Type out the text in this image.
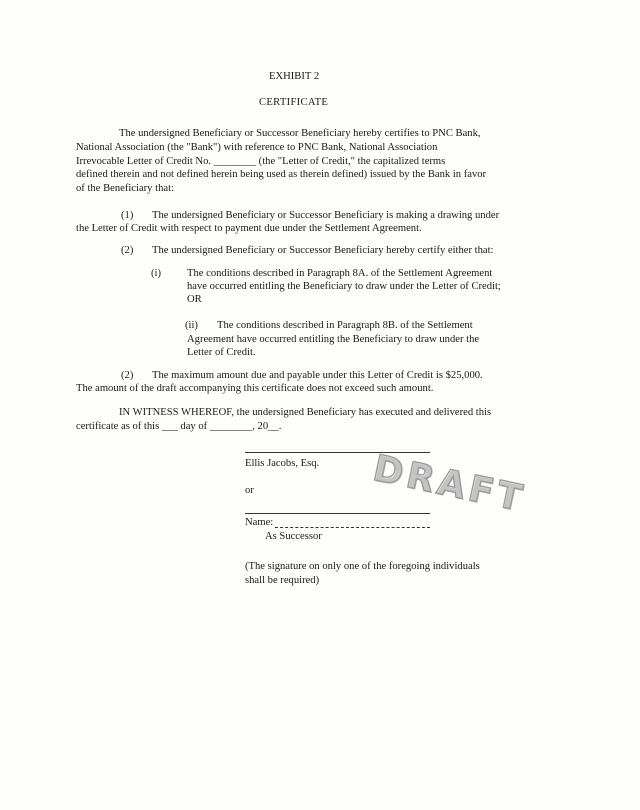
EXHIBIT 2
CERTIFICATE
The undersigned Beneficiary or Successor Beneficiary hereby certifies to PNC Bank,
National Association (the "Bank") with reference to PNC Bank, National Association
Irrevocable Letter of Credit No. ________ (the "Letter of Credit," the capitalized terms
defined therein and not defined herein being used as therein defined) issued by the Bank in favor
of the Beneficiary that:
(1) The undersigned Beneficiary or Successor Beneficiary is making a drawing under
the Letter of Credit with respect to payment due under the Settlement Agreement.
(2) The undersigned Beneficiary or Successor Beneficiary hereby certify either that:
(i) The conditions described in Paragraph 8A. of the Settlement Agreement
have occurred entitling the Beneficiary to draw under the Letter of Credit;
OR
(ii) The conditions described in Paragraph 8B. of the Settlement
Agreement have occurred entitling the Beneficiary to draw under the
Letter of Credit.
(2) The maximum amount due and payable under this Letter of Credit is $25,000.
The amount of the draft accompanying this certificate does not exceed such amount.
IN WITNESS WHEREOF, the undersigned Beneficiary has executed and delivered this
certificate as of this ___ day of ________, 20__.
Ellis Jacobs, Esq.
or
Name:
As Successor
DRAFT
(The signature on only one of the foregoing individuals
shall be required)
